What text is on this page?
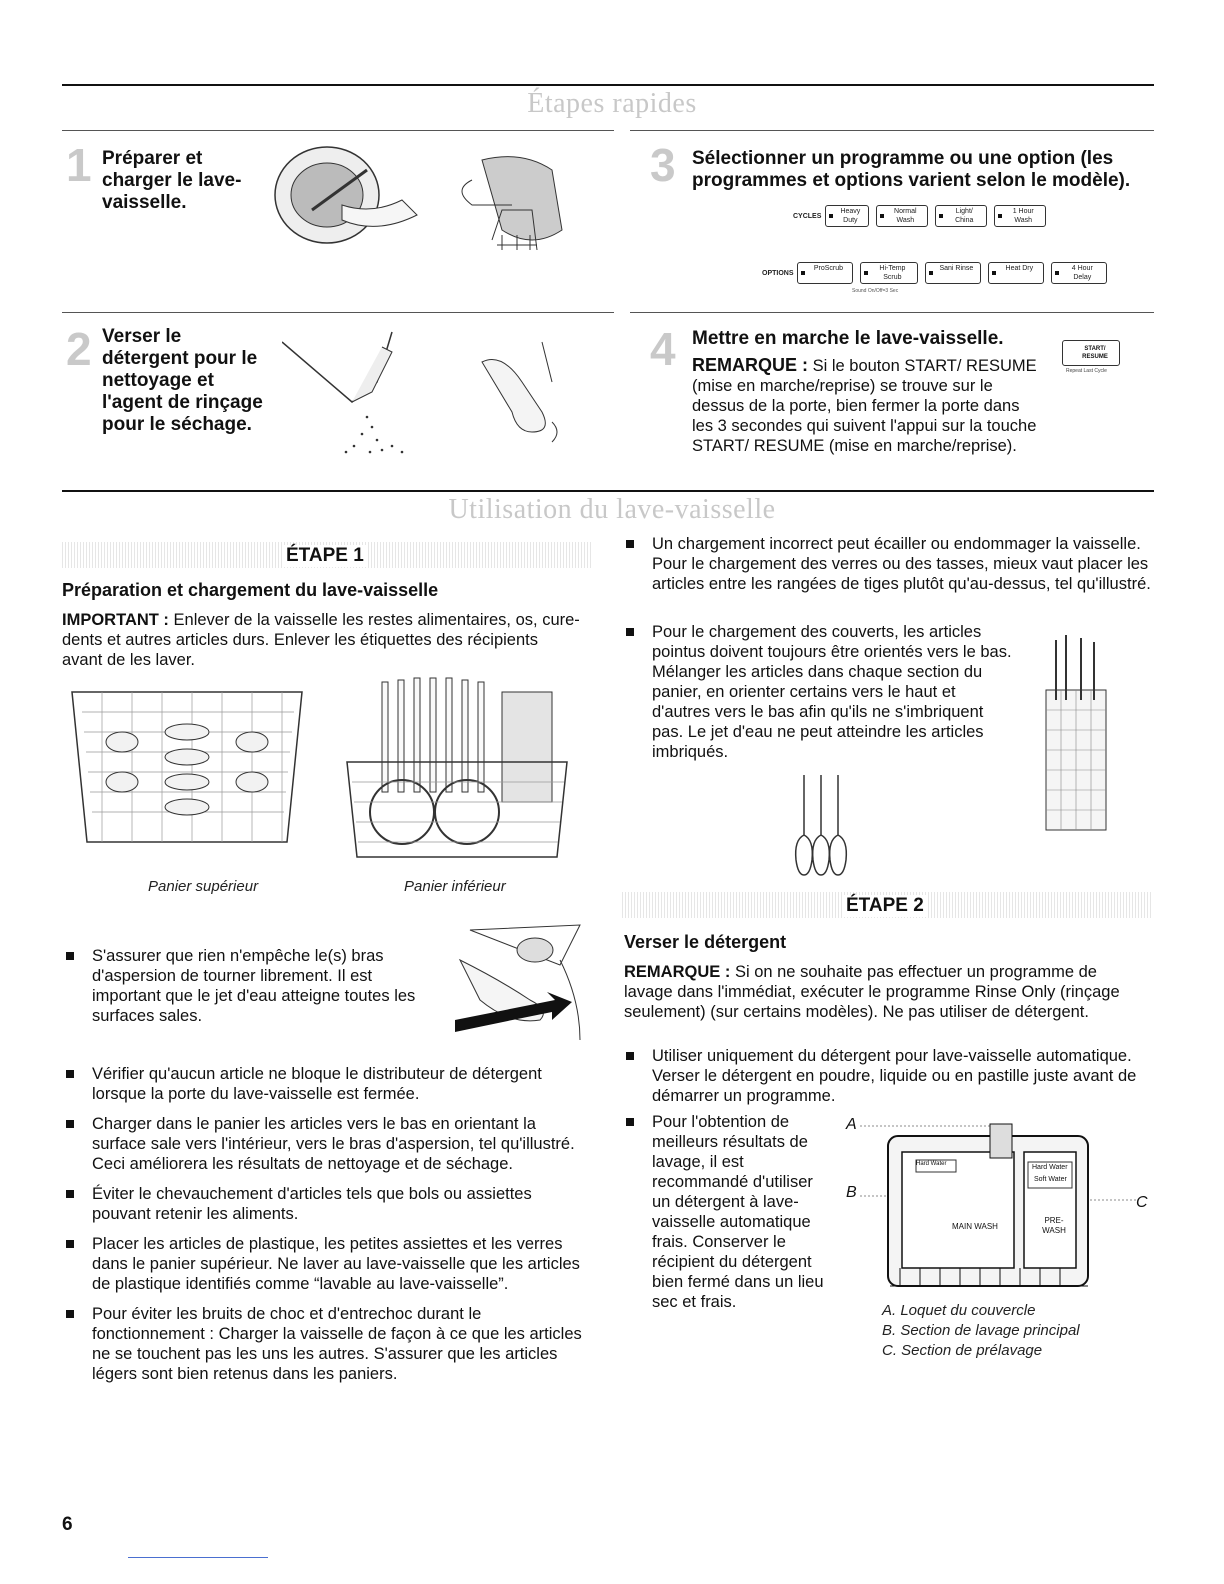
Étapes rapides
1 Préparer et charger le lave-vaisselle.
3 Sélectionner un programme ou une option (les programmes et options varient selon le modèle).
CYCLES Heavy Duty Normal Wash Light/ China 1 Hour Wash
OPTIONS ProScrub	Hi-Temp Scrub Sani Rinse	Heat Dry	4 Hour Delay
Sound On/Off=3 Sec
2 Verser le détergent pour le nettoyage et l'agent de rinçage pour le séchage.
4 Mettre en marche le lave-vaisselle.
REMARQUE : Si le bouton START/ RESUME (mise en marche/reprise) se trouve sur le dessus de la porte, bien fermer la porte dans les 3 secondes qui suivent l'appui sur la touche START/ RESUME (mise en marche/reprise).
START/ RESUME
Repeat Last Cycle
Utilisation du lave-vaisselle
ÉTAPE 1
Préparation et chargement du lave-vaisselle
IMPORTANT : Enlever de la vaisselle les restes alimentaires, os, cure-dents et autres articles durs. Enlever les étiquettes des récipients avant de les laver.
Panier supérieur	Panier inférieur
S'assurer que rien n'empêche le(s) bras d'aspersion de tourner librement. Il est important que le jet d'eau atteigne toutes les surfaces sales.
Vérifier qu'aucun article ne bloque le distributeur de détergent lorsque la porte du lave-vaisselle est fermée.
Charger dans le panier les articles vers le bas en orientant la surface sale vers l'intérieur, vers le bras d'aspersion, tel qu'illustré. Ceci améliorera les résultats de nettoyage et de séchage.
Éviter le chevauchement d'articles tels que bols ou assiettes pouvant retenir les aliments.
Placer les articles de plastique, les petites assiettes et les verres dans le panier supérieur. Ne laver au lave-vaisselle que les articles de plastique identifiés comme “lavable au lave-vaisselle”.
Pour éviter les bruits de choc et d'entrechoc durant le fonctionnement : Charger la vaisselle de façon à ce que les articles ne se touchent pas les uns les autres. S'assurer que les articles légers sont bien retenus dans les paniers.
Un chargement incorrect peut écailler ou endommager la vaisselle. Pour le chargement des verres ou des tasses, mieux vaut placer les articles entre les rangées de tiges plutôt qu'au-dessus, tel qu'illustré.
Pour le chargement des couverts, les articles pointus doivent toujours être orientés vers le bas. Mélanger les articles dans chaque section du panier, en orienter certains vers le haut et d'autres vers le bas afin qu'ils ne s'imbriquent pas. Le jet d'eau ne peut atteindre les articles imbriqués.
ÉTAPE 2
Verser le détergent
REMARQUE : Si on ne souhaite pas effectuer un programme de lavage dans l'immédiat, exécuter le programme Rinse Only (rinçage seulement) (sur certains modèles). Ne pas utiliser de détergent.
Utiliser uniquement du détergent pour lave-vaisselle automatique. Verser le détergent en poudre, liquide ou en pastille juste avant de démarrer un programme.
Pour l'obtention de meilleurs résultats de lavage, il est recommandé d'utiliser un détergent à lave-vaisselle automatique frais. Conserver le récipient du détergent bien fermé dans un lieu sec et frais.
A
B
C
Hard Water	Hard Water
Soft Water
MAIN WASH
PRE- WASH
A. Loquet du couvercle
B. Section de lavage principal
C. Section de prélavage
6
